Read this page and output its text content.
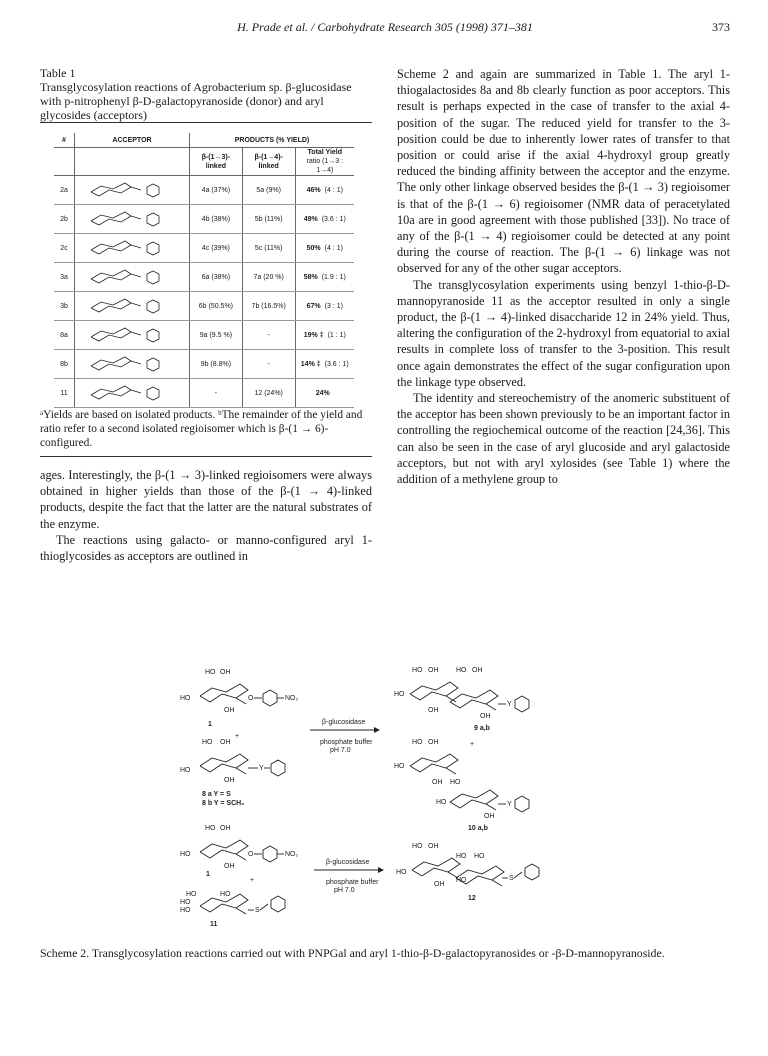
H. Prade et al. / Carbohydrate Research 305 (1998) 371–381	373

Table 1

Transglycosylation reactions of Agrobacterium sp. β-glucosidase with p-nitrophenyl β-D-galactopyranoside (donor) and aryl glycosides (acceptors)

#	ACCEPTOR	PRODUCTS (% YIELD)		
		β-(1→3)-linked	β-(1→4)-linked	Total Yield
ratio (1→3 : 1→4)
2a		4a (37%)	5a (9%)	46% (4 : 1)
2b		4b (38%)	5b (11%)	49% (3.6 : 1)
2c		4c (39%)	5c (11%)	50% (4 : 1)
3a		6a (38%)	7a (20 %)	58% (1.9 : 1)
3b		6b (50.5%)	7b (16.5%)	67% (3 : 1)
8a		9a (9.5 %)	-	19% ‡ (1 : 1)
8b		9b (8.8%)	-	14% ‡ (3.6 : 1)
11		-	12 (24%)	24%

ᵃYields are based on isolated products. ᵇThe remainder of the yield and ratio refer to a second isolated regioisomer which is β-(1 → 6)-configured.

ages. Interestingly, the β-(1 → 3)-linked regioisomers were always obtained in higher yields than those of the β-(1 → 4)-linked products, despite the fact that the latter are the natural substrates of the enzyme.

The reactions using galacto- or manno-configured aryl 1-thioglycosides as acceptors are outlined in

Scheme 2 and again are summarized in Table 1. The aryl 1-thiogalactosides 8a and 8b clearly function as poor acceptors. This result is perhaps expected in the case of transfer to the axial 4-position of the sugar. The reduced yield for transfer to the 3-position could be due to inherently lower rates of transfer to that position or could arise if the axial 4-hydroxyl group greatly reduced the binding affinity between the acceptor and the enzyme. The only other linkage observed besides the β-(1 → 3) regioisomer is that of the β-(1 → 6) regioisomer (NMR data of peracetylated 10a are in good agreement with those published [33]). No trace of any of the β-(1 → 4) regioisomer could be detected at any point during the course of reaction. The β-(1 → 6) linkage was not observed for any of the other sugar acceptors.

The transglycosylation experiments using benzyl 1-thio-β-D-mannopyranoside 11 as the acceptor resulted in only a single product, the β-(1 → 4)-linked disaccharide 12 in 24% yield. Thus, altering the configuration of the 2-hydroxyl from equatorial to axial results in complete loss of transfer to the 3-position. This result once again demonstrates the effect of the sugar configuration upon the linkage type observed.

The identity and stereochemistry of the anomeric substituent of the acceptor has been shown previously to be an important factor in controlling the regiochemical outcome of the reaction [24,36]. This can also be seen in the case of aryl glucoside and aryl galactoside acceptors, but not with aryl xylosides (see Table 1) where the addition of a methylene group to

HO OH
HO
OH
O	NO₂
1
+
HO OH
HO
OH
Y
8 a Y = S
8 b Y = SCH₂
β-glucosidase
phosphate buffer
pH 7.0
HO OH	HO OH
HO
OH
OH
Y
9 a,b
+
HO OH
HO
OH HO
HO	Y
OH
10 a,b
HO OH
HO
OH
O	NO₂
1
+
HO
HO
HO
HO
S
11
β-glucosidase
phosphate buffer
pH 7.0
HO OH
HO
HO HO
HO
OH
S
12
Scheme 2. Transglycosylation reactions carried out with PNPGal and aryl 1-thio-β-D-galactopyranosides or -β-D-mannopyranoside.
